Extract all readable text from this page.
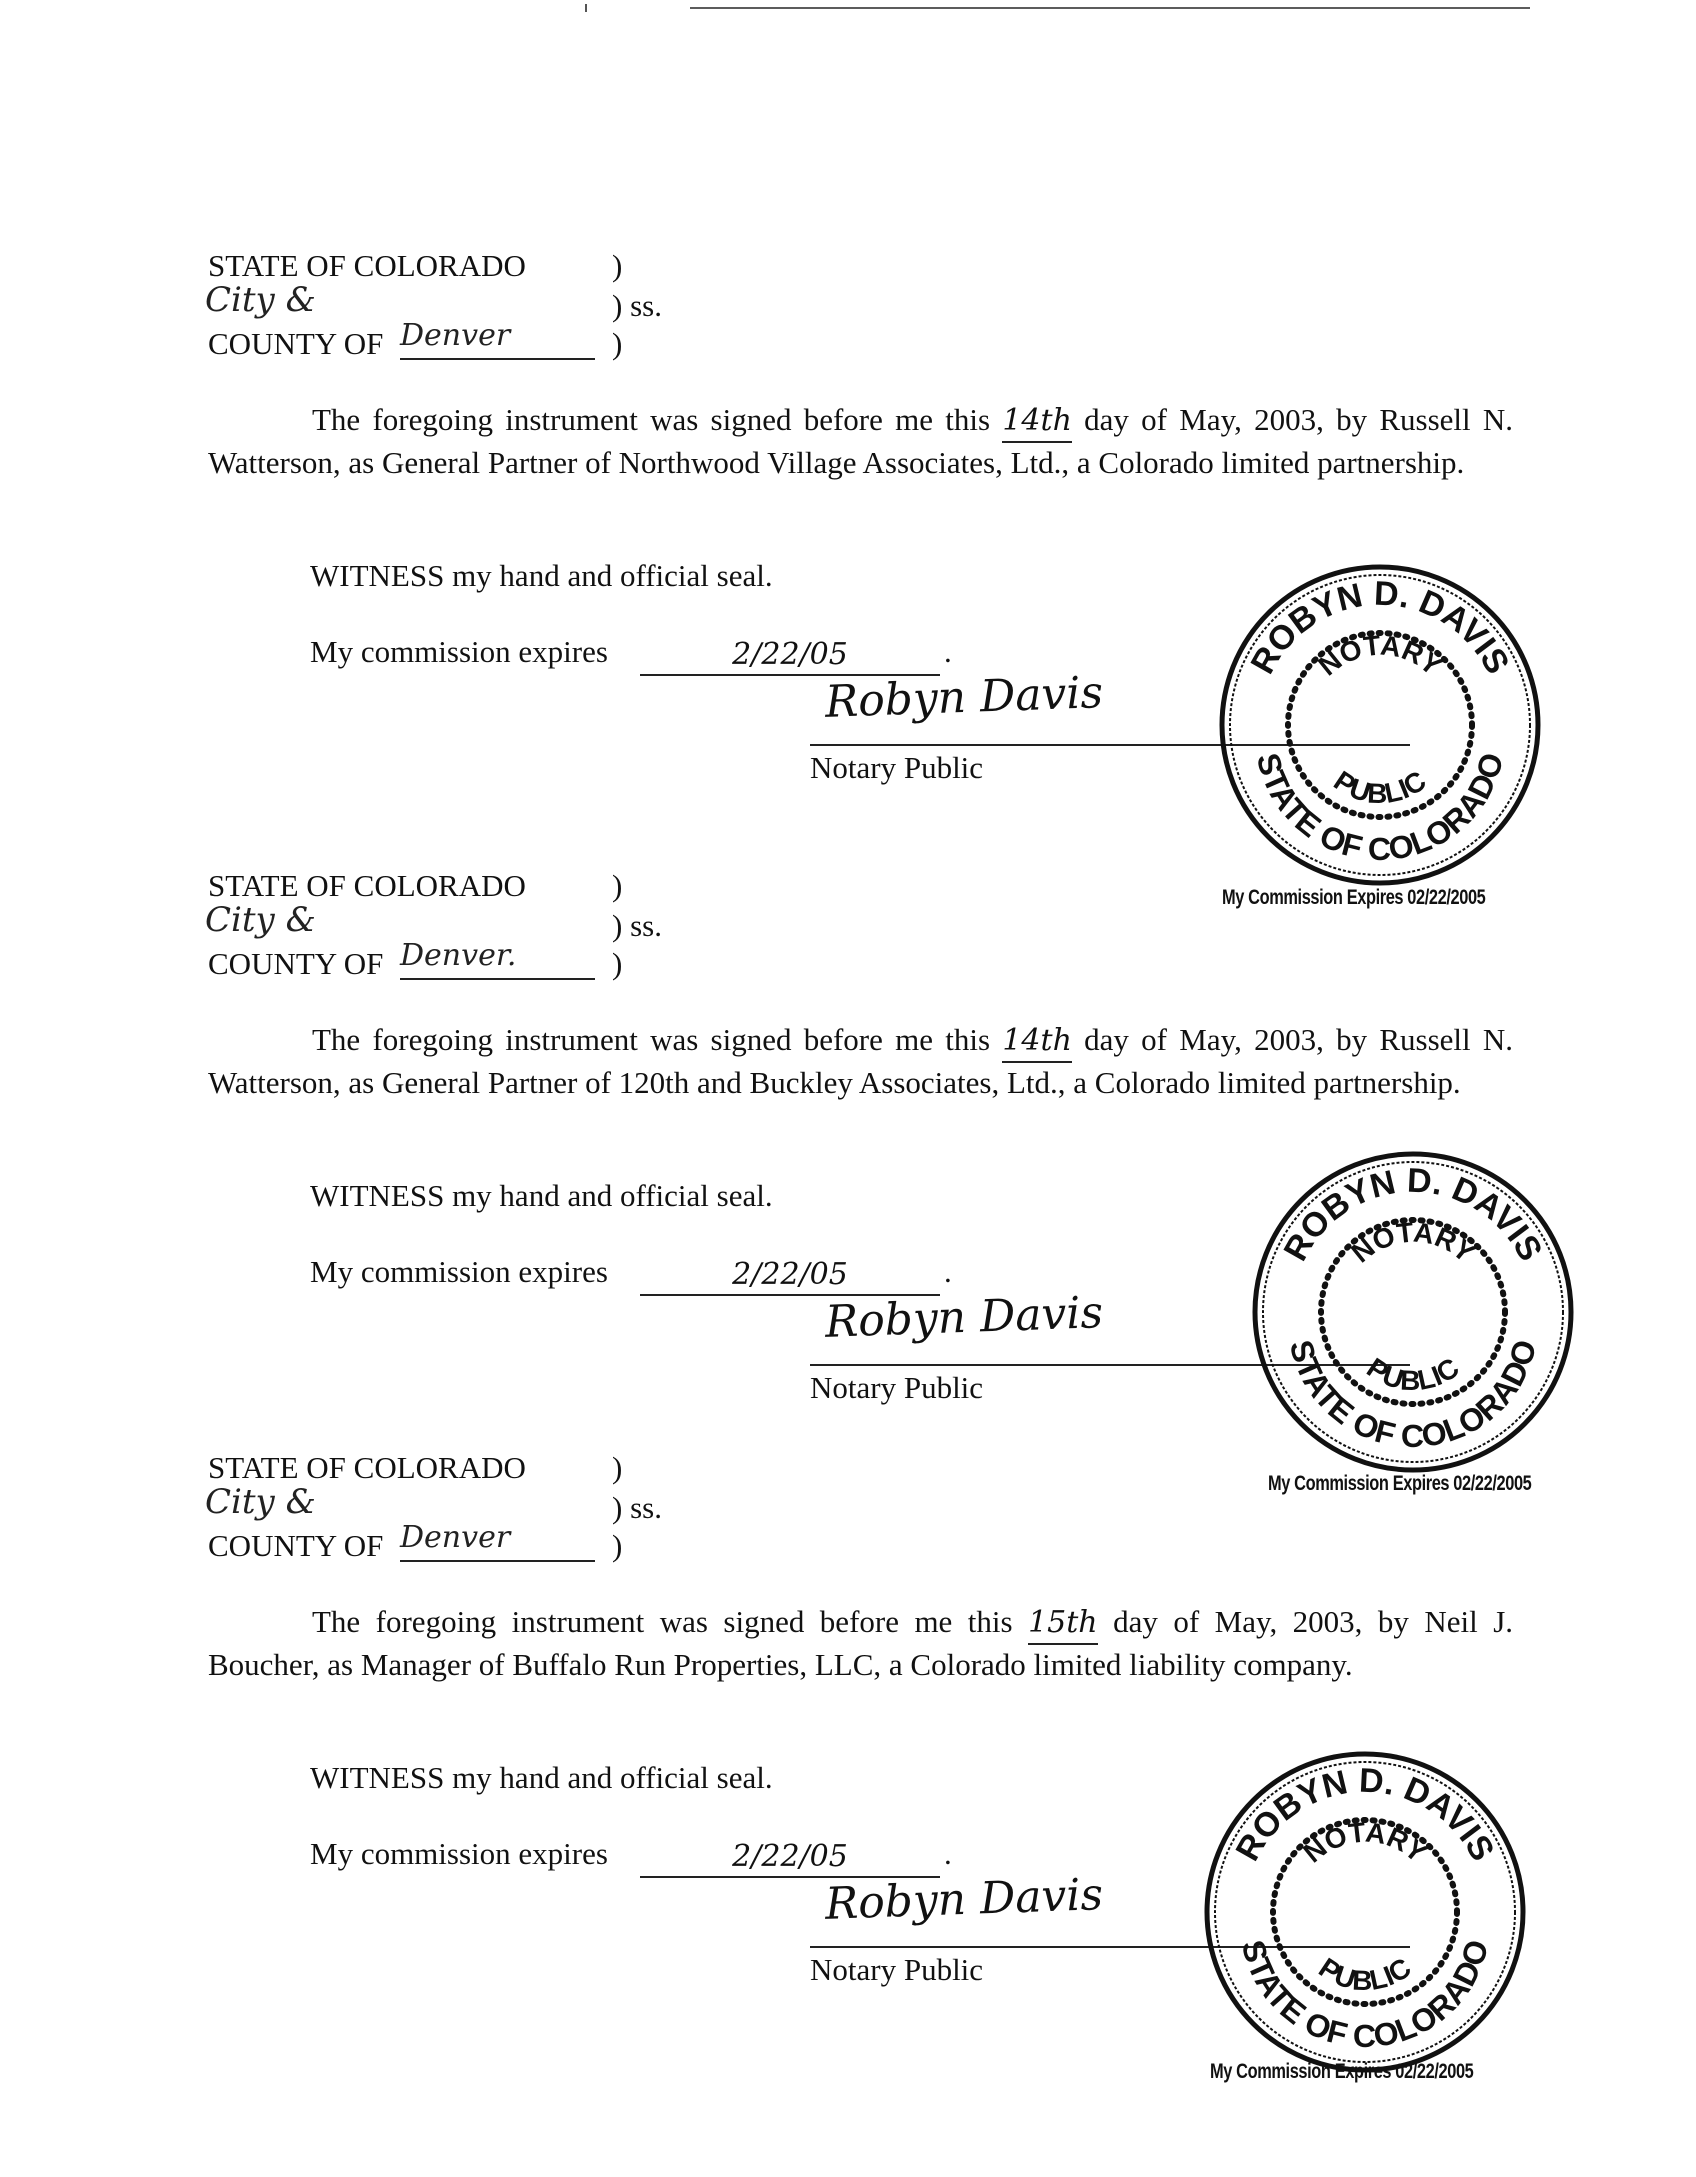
STATE OF COLORADO	)
City &	) ss.
COUNTY OF Denver	)
The foregoing instrument was signed before me this 14th day of May, 2003, by Russell N. Watterson, as General Partner of Northwood Village Associates, Ltd., a Colorado limited partnership.
WITNESS my hand and official seal.
My commission expires	2/22/05	.
Robyn Davis
Notary Public
ROBYN D. DAVIS
STATE OF COLORADO
NOTARY
PUBLIC
My Commission Expires 02/22/2005
STATE OF COLORADO	)
City &	) ss.
COUNTY OF Denver.	)
The foregoing instrument was signed before me this 14th day of May, 2003, by Russell N. Watterson, as General Partner of 120th and Buckley Associates, Ltd., a Colorado limited partnership.
WITNESS my hand and official seal.
My commission expires	2/22/05	.
Robyn Davis
Notary Public
ROBYN D. DAVIS
STATE OF COLORADO
NOTARY
PUBLIC
My Commission Expires 02/22/2005
STATE OF COLORADO	)
City &	) ss.
COUNTY OF Denver	)
The foregoing instrument was signed before me this 15th day of May, 2003, by Neil J. Boucher, as Manager of Buffalo Run Properties, LLC, a Colorado limited liability company.
WITNESS my hand and official seal.
My commission expires	2/22/05	.
Robyn Davis
Notary Public
ROBYN D. DAVIS
STATE OF COLORADO
NOTARY
PUBLIC
My Commission Expires 02/22/2005
